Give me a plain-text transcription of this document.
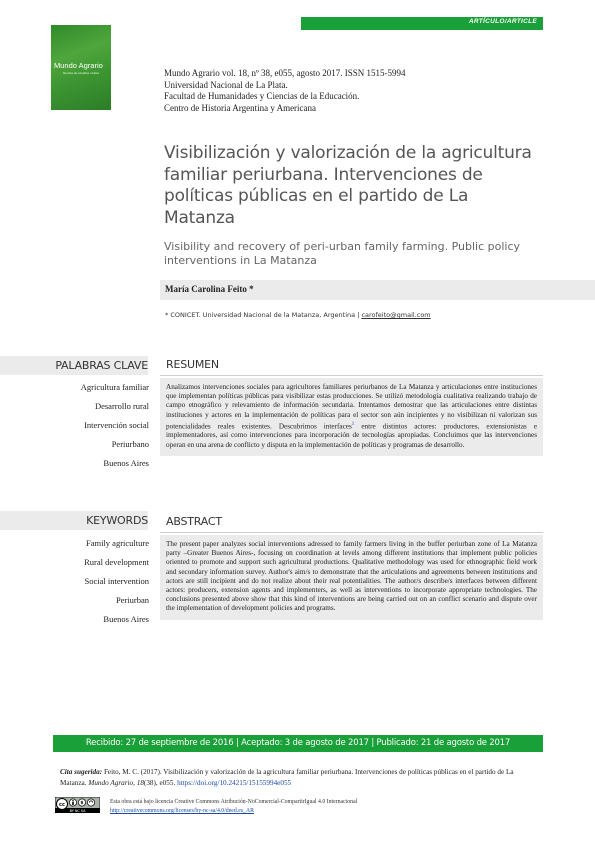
ARTÍCULO/ARTICLE
Mundo Agrario
Revista de estudios rurales	Mundo Agrario vol. 18, nº 38, e055, agosto 2017. ISSN 1515-5994
Universidad Nacional de La Plata.
Facultad de Humanidades y Ciencias de la Educación.
Centro de Historia Argentina y Americana
Visibilización y valorización de la agricultura familiar periurbana. Intervenciones de políticas públicas en el partido de La Matanza
Visibility and recovery of peri-urban family farming. Public policy interventions in La Matanza
María Carolina Feito *
* CONICET. Universidad Nacional de la Matanza, Argentina | carofeito@gmail.com
PALABRAS CLAVE
Agricultura familiar
Desarrollo rural
Intervención social
Periurbano
Buenos Aires
RESUMEN

Analizamos intervenciones sociales para agricultores familiares periurbanos de La Matanza y articulaciones entre instituciones que implementan políticas públicas para visibilizar estas producciones. Se utilizó metodología cualitativa realizando trabajo de campo etnográfico y relevamiento de información secundaria. Intentamos demostrar que las articulaciones entre distintas instituciones y actores en la implementación de políticas para el sector son aún incipientes y no visibilizan ni valorizan sus potencialidades reales existentes. Descubrimos interfaces$^1$ entre distintos actores: productores, extensionistas e implementadores, así como intervenciones para incorporación de tecnologías apropiadas. Concluimos que las intervenciones operan en una arena de conflicto y disputa en la implementación de políticas y programas de desarrollo.

KEYWORDS
Family agriculture
Rural development
Social intervention
Periurban
Buenos Aires
ABSTRACT

The present paper analyzes social interventions adressed to family farmers living in the buffer periurban zone of La Matanza party –Greater Buenos Aires-, focusing on coordination at levels among different institutions that implement public policies oriented to promote and support such agricultural productions. Qualitative methodology was used for ethnographic field work and secondary information survey. Author's aim/s to demonstrate that the articulations and agreements between institutions and actors are still incipient and do not realize about their real potentialities. The author/s describe/s interfaces between different actors: producers, extension agents and implementers, as well as interventions to incorporate appropriate technologies. The conclusions presented above show that this kind of interventions are being carried out on an conflict scenario and dispute over the implementation of development policies and programs.

Recibido: 27 de septiembre de 2016 | Aceptado: 3 de agosto de 2017 | Publicado: 21 de agosto de 2017
Cita sugerida: Feito, M. C. (2017). Visibilización y valorización de la agricultura familiar periurbana. Intervenciones de políticas públicas en el partido de La Matanza. Mundo Agrario, 18(38), e055. https://doi.org/10.24215/15155994e055
cc	$
BY NC SA
Esta obra está bajo licencia Creative Commons Atribución-NoComercial-CompartirIgual 4.0 Internacional
http://creativecommons.org/licenses/by-nc-sa/4.0/deed.es_AR
